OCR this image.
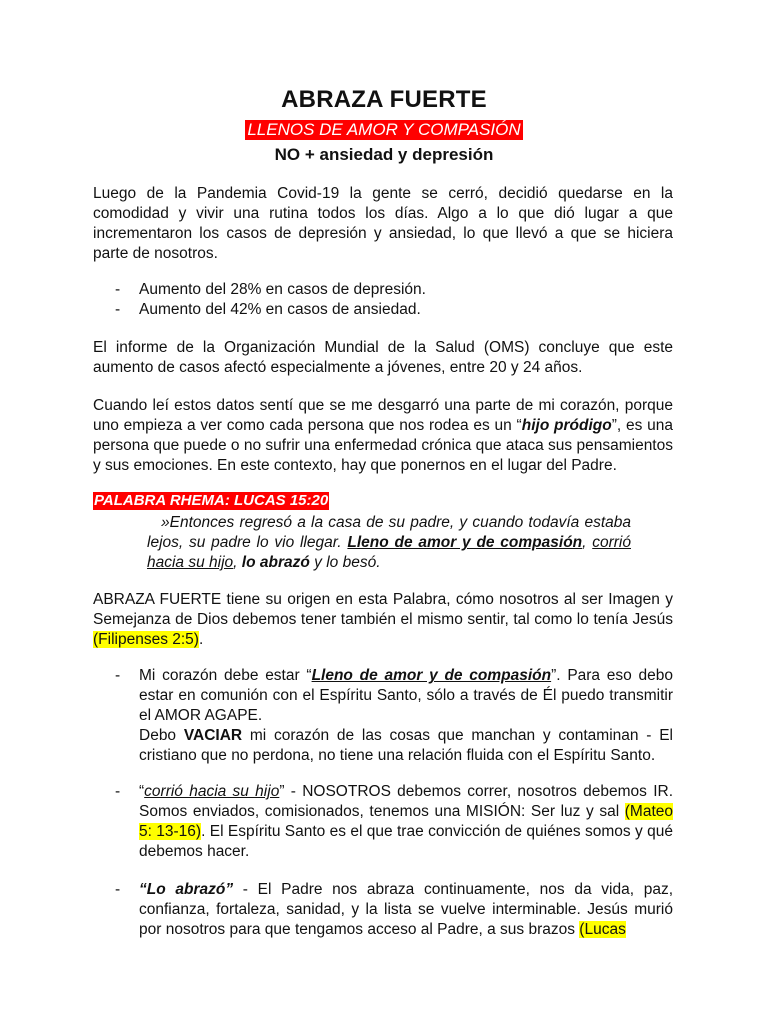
ABRAZA FUERTE
LLENOS DE AMOR Y COMPASIÓN
NO + ansiedad y depresión

Luego de la Pandemia Covid-19 la gente se cerró, decidió quedarse en la comodidad y vivir una rutina todos los días. Algo a lo que dió lugar a que incrementaron los casos de depresión y ansiedad, lo que llevó a que se hiciera parte de nosotros.

- Aumento del 28% en casos de depresión.
- Aumento del 42% en casos de ansiedad.

El informe de la Organización Mundial de la Salud (OMS) concluye que este aumento de casos afectó especialmente a jóvenes, entre 20 y 24 años.

Cuando leí estos datos sentí que se me desgarró una parte de mi corazón, porque uno empieza a ver como cada persona que nos rodea es un “hijo pródigo”, es una persona que puede o no sufrir una enfermedad crónica que ataca sus pensamientos y sus emociones. En este contexto, hay que ponernos en el lugar del Padre.

PALABRA RHEMA: LUCAS 15:20

»Entonces regresó a la casa de su padre, y cuando todavía estaba lejos, su padre lo vio llegar. Lleno de amor y de compasión, corrió hacia su hijo, lo abrazó y lo besó.

ABRAZA FUERTE tiene su origen en esta Palabra, cómo nosotros al ser Imagen y Semejanza de Dios debemos tener también el mismo sentir, tal como lo tenía Jesús (Filipenses 2:5).

- Mi corazón debe estar “Lleno de amor y de compasión”. Para eso debo estar en comunión con el Espíritu Santo, sólo a través de Él puedo transmitir el AMOR AGAPE.

Debo VACIAR mi corazón de las cosas que manchan y contaminan - El cristiano que no perdona, no tiene una relación fluida con el Espíritu Santo.

- “corrió hacia su hijo” - NOSOTROS debemos correr, nosotros debemos IR. Somos enviados, comisionados, tenemos una MISIÓN: Ser luz y sal (Mateo 5: 13-16). El Espíritu Santo es el que trae convicción de quiénes somos y qué debemos hacer.

- “Lo abrazó” - El Padre nos abraza continuamente, nos da vida, paz, confianza, fortaleza, sanidad, y la lista se vuelve interminable. Jesús murió por nosotros para que tengamos acceso al Padre, a sus brazos (Lucas
